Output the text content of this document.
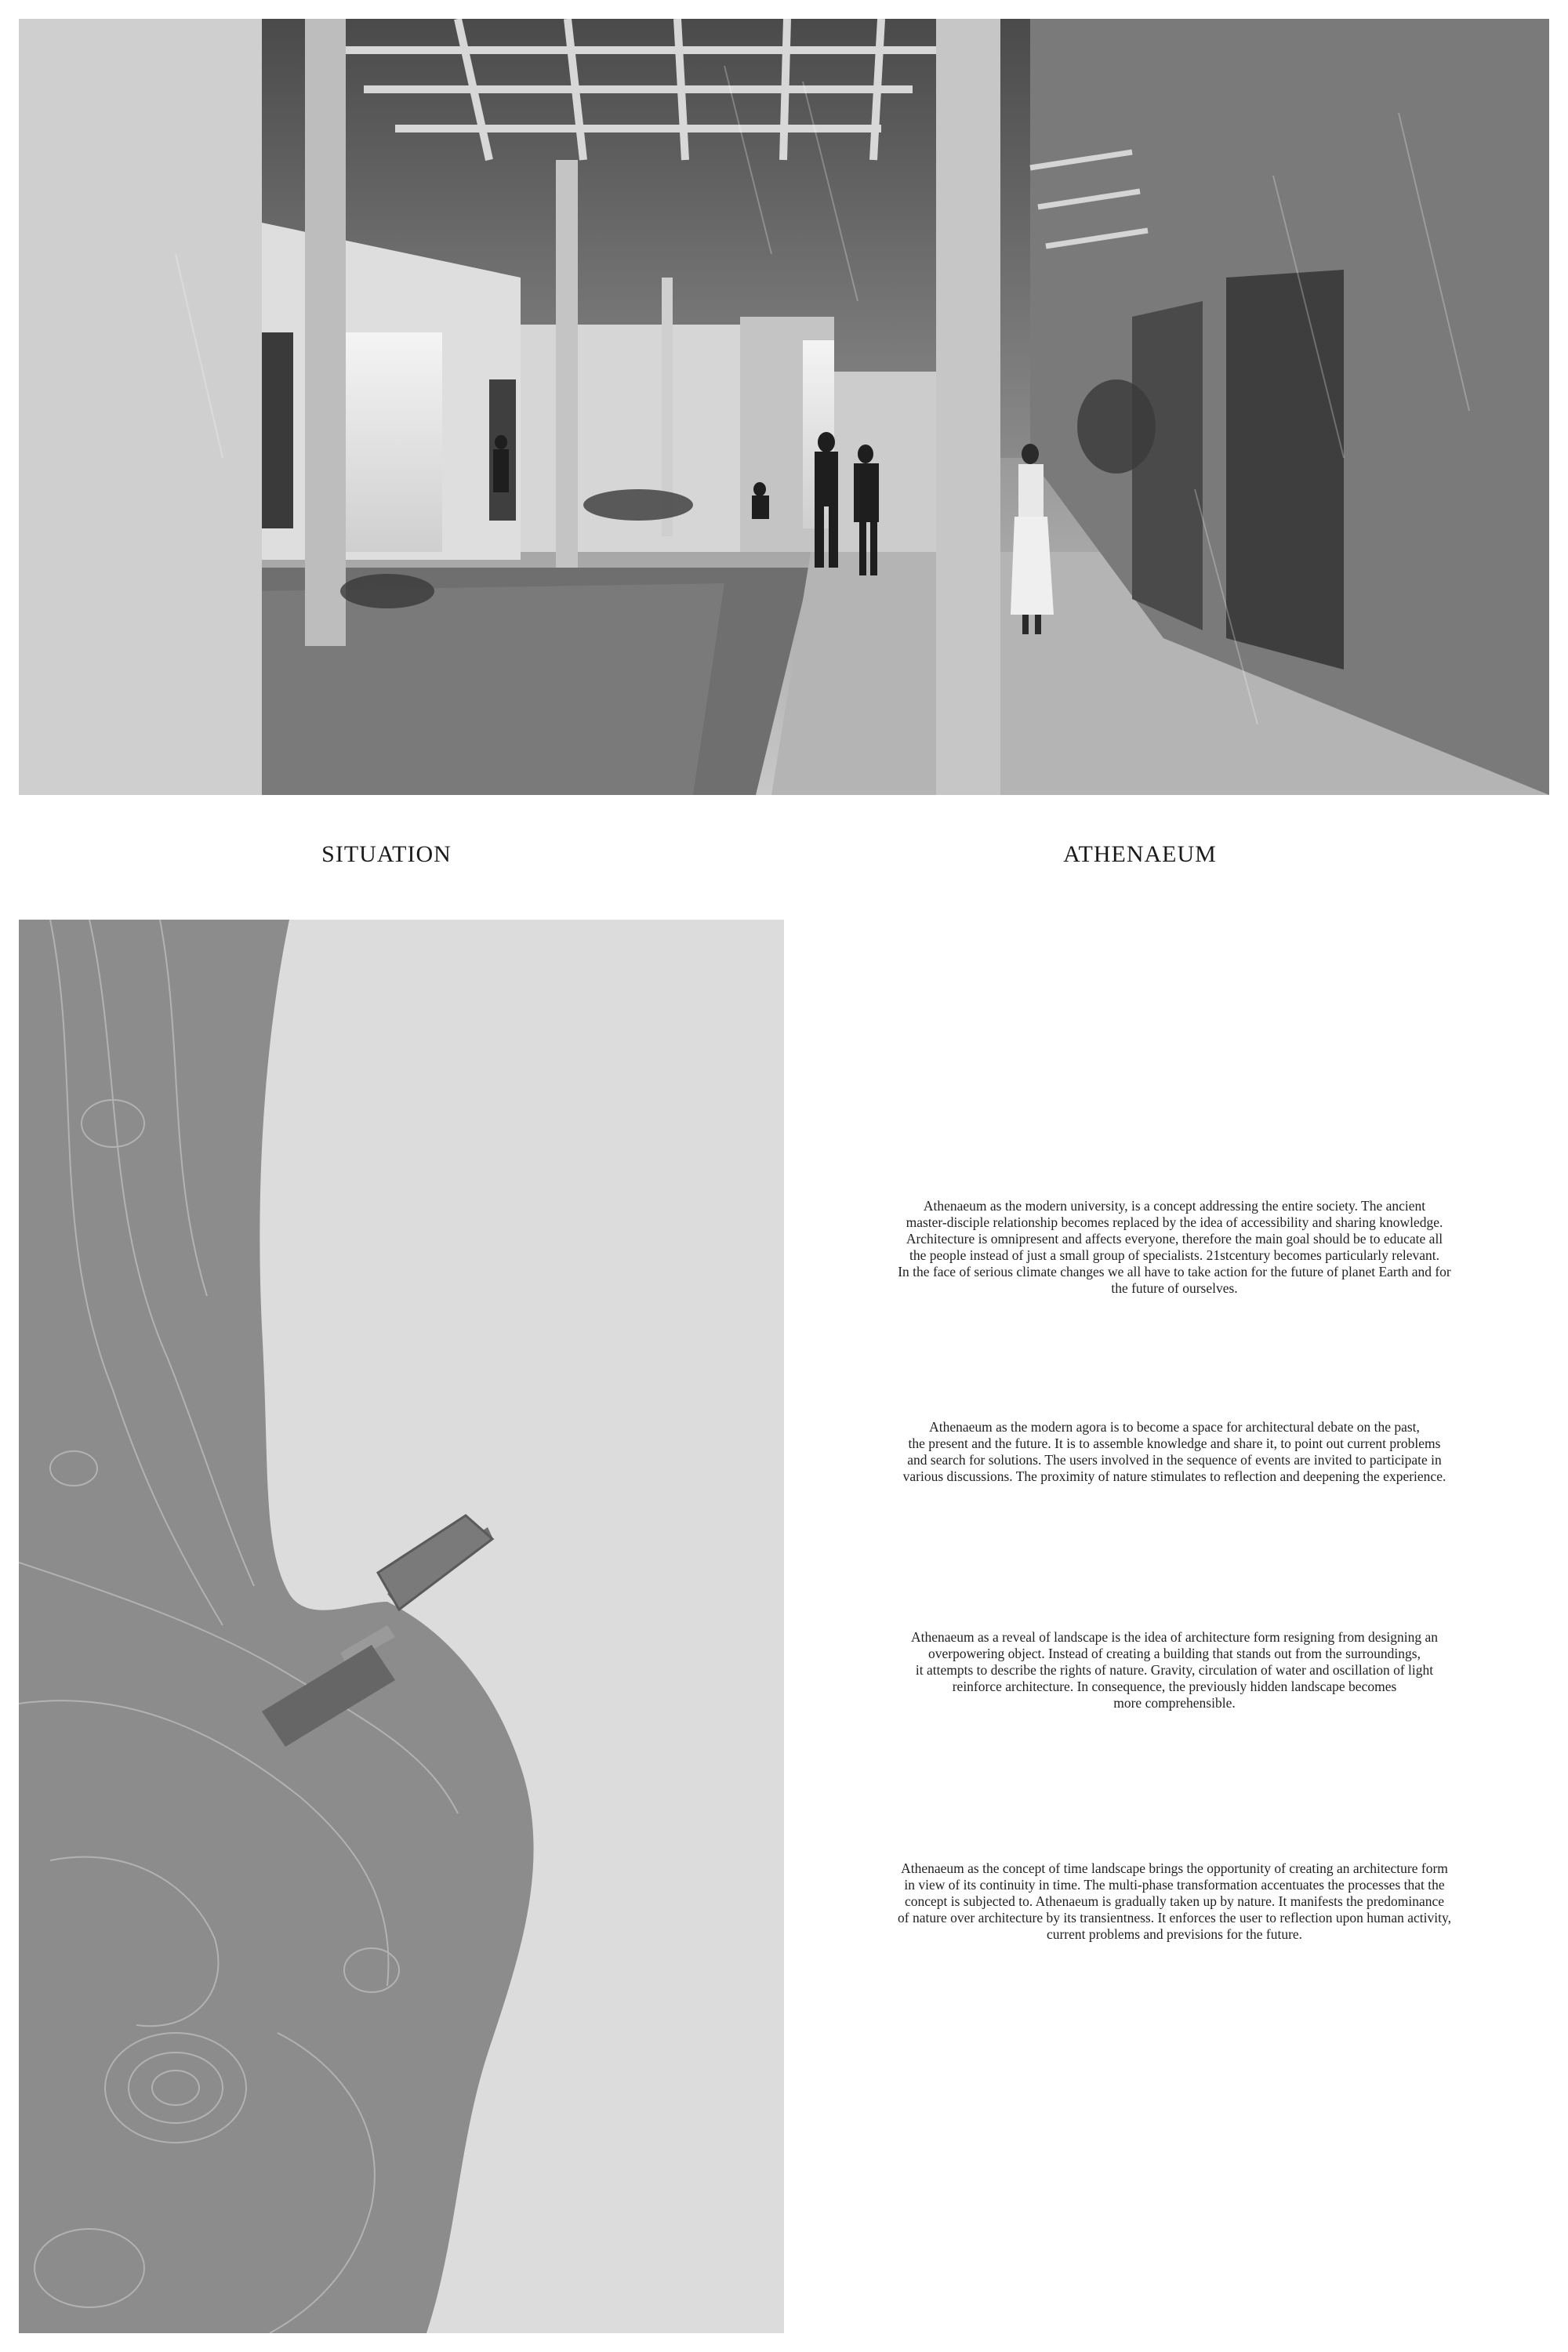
SITUATION	ATHENAEUM
Athenaeum as the modern university, is a concept addressing the entire society. The ancient
master-disciple relationship becomes replaced by the idea of accessibility and sharing knowledge.
Architecture is omnipresent and affects everyone, therefore the main goal should be to educate all
the people instead of just a small group of specialists. 21stcentury becomes particularly relevant.
In the face of serious climate changes we all have to take action for the future of planet Earth and for
the future of ourselves.
Athenaeum as the modern agora is to become a space for architectural debate on the past,
the present and the future. It is to assemble knowledge and share it, to point out current problems
and search for solutions. The users involved in the sequence of events are invited to participate in
various discussions. The proximity of nature stimulates to reflection and deepening the experience.
Athenaeum as a reveal of landscape is the idea of architecture form resigning from designing an
overpowering object. Instead of creating a building that stands out from the surroundings,
it attempts to describe the rights of nature. Gravity, circulation of water and oscillation of light
reinforce architecture. In consequence, the previously hidden landscape becomes
more comprehensible.
Athenaeum as the concept of time landscape brings the opportunity of creating an architecture form
in view of its continuity in time. The multi-phase transformation accentuates the processes that the
concept is subjected to. Athenaeum is gradually taken up by nature. It manifests the predominance
of nature over architecture by its transientness. It enforces the user to reflection upon human activity,
current problems and previsions for the future.
